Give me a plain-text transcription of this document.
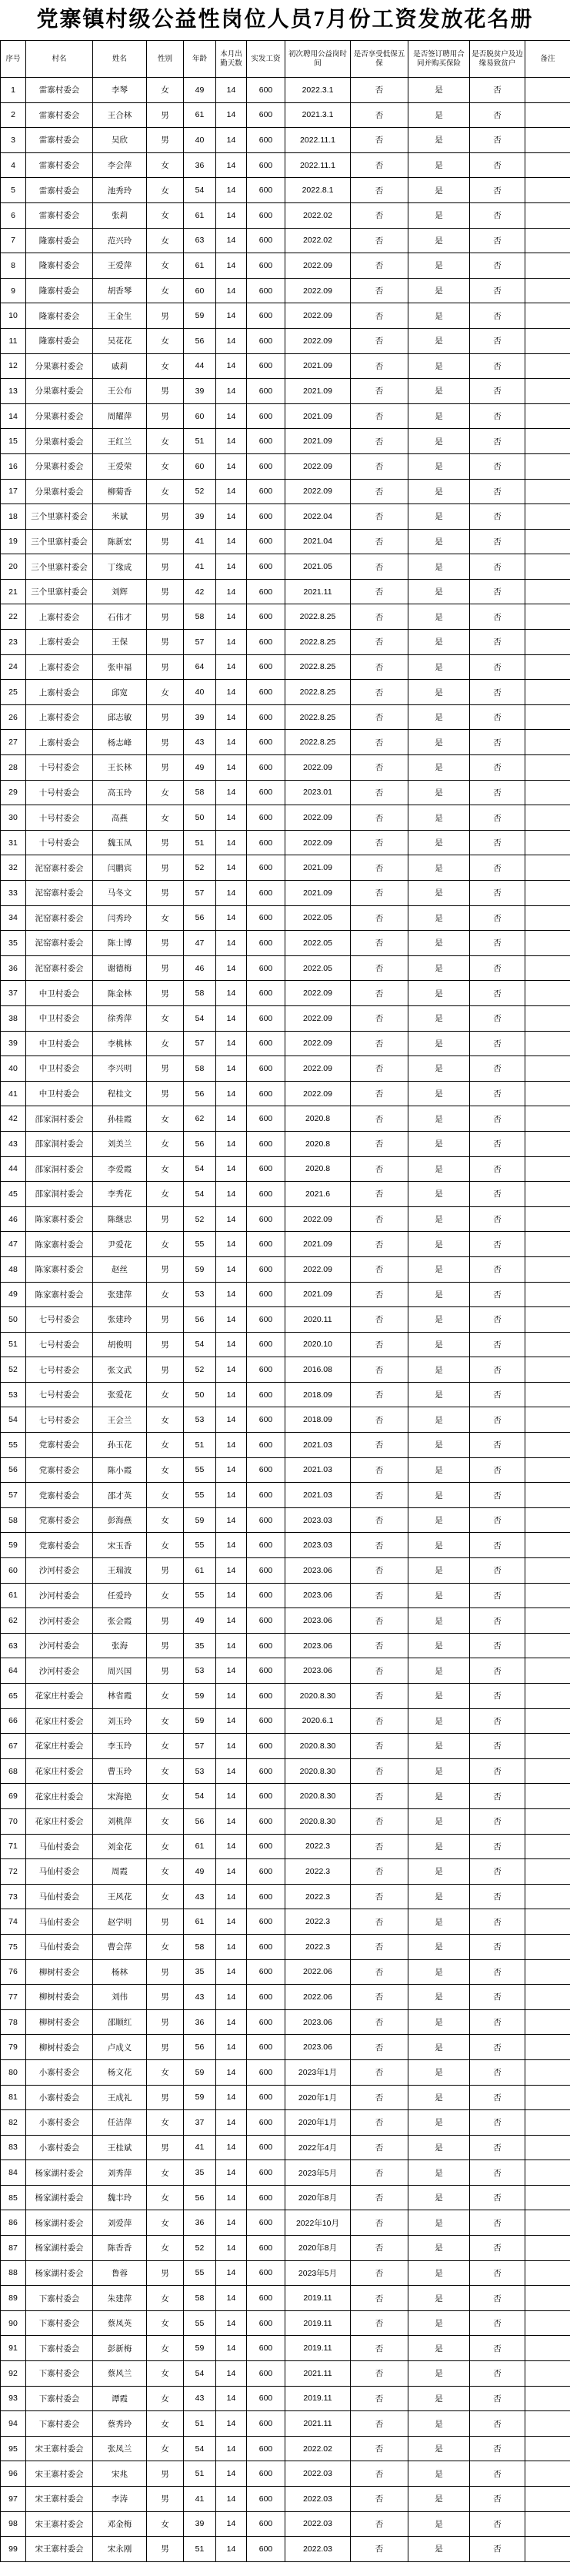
党寨镇村级公益性岗位人员7月份工资发放花名册
序号	村名	姓名	性别	年龄	本月出勤天数	实发工资	初次聘用公益岗时间	是否享受低保五保	是否签订聘用合同并购买保险	是否脱贫户及边缘易致贫户	备注
1	雷寨村委会	李琴	女	49	14	600	2022.3.1	否	是	否	
2	雷寨村委会	王合林	男	61	14	600	2021.3.1	否	是	否	
3	雷寨村委会	吴欣	男	40	14	600	2022.11.1	否	是	否	
4	雷寨村委会	李会萍	女	36	14	600	2022.11.1	否	是	否	
5	雷寨村委会	池秀玲	女	54	14	600	2022.8.1	否	是	否	
6	雷寨村委会	张莉	女	61	14	600	2022.02	否	是	否	
7	隆寨村委会	范兴玲	女	63	14	600	2022.02	否	是	否	
8	隆寨村委会	王爱萍	女	61	14	600	2022.09	否	是	否	
9	隆寨村委会	胡香琴	女	60	14	600	2022.09	否	是	否	
10	隆寨村委会	王金生	男	59	14	600	2022.09	否	是	否	
11	隆寨村委会	吴花花	女	56	14	600	2022.09	否	是	否	
12	分果寨村委会	戚莉	女	44	14	600	2021.09	否	是	否	
13	分果寨村委会	王公布	男	39	14	600	2021.09	否	是	否	
14	分果寨村委会	周耀萍	男	60	14	600	2021.09	否	是	否	
15	分果寨村委会	王红兰	女	51	14	600	2021.09	否	是	否	
16	分果寨村委会	王爱荣	女	60	14	600	2022.09	否	是	否	
17	分果寨村委会	柳菊香	女	52	14	600	2022.09	否	是	否	
18	三个里寨村委会	米斌	男	39	14	600	2022.04	否	是	否	
19	三个里寨村委会	陈新宏	男	41	14	600	2021.04	否	是	否	
20	三个里寨村委会	丁缘成	男	41	14	600	2021.05	否	是	否	
21	三个里寨村委会	刘辉	男	42	14	600	2021.11	否	是	否	
22	上寨村委会	石伟才	男	58	14	600	2022.8.25	否	是	否	
23	上寨村委会	王保	男	57	14	600	2022.8.25	否	是	否	
24	上寨村委会	张申福	男	64	14	600	2022.8.25	否	是	否	
25	上寨村委会	邱宽	女	40	14	600	2022.8.25	否	是	否	
26	上寨村委会	邱志敏	男	39	14	600	2022.8.25	否	是	否	
27	上寨村委会	杨志峰	男	43	14	600	2022.8.25	否	是	否	
28	十号村委会	王长林	男	49	14	600	2022.09	否	是	否	
29	十号村委会	高玉玲	女	58	14	600	2023.01	否	是	否	
30	十号村委会	高燕	女	50	14	600	2022.09	否	是	否	
31	十号村委会	魏玉凤	男	51	14	600	2022.09	否	是	否	
32	泥窑寨村委会	闫鹏宾	男	52	14	600	2021.09	否	是	否	
33	泥窑寨村委会	马冬文	男	57	14	600	2021.09	否	是	否	
34	泥窑寨村委会	闫秀玲	女	56	14	600	2022.05	否	是	否	
35	泥窑寨村委会	陈士博	男	47	14	600	2022.05	否	是	否	
36	泥窑寨村委会	谢德梅	男	46	14	600	2022.05	否	是	否	
37	中卫村委会	陈金林	男	58	14	600	2022.09	否	是	否	
38	中卫村委会	徐秀萍	女	54	14	600	2022.09	否	是	否	
39	中卫村委会	李桃林	女	57	14	600	2022.09	否	是	否	
40	中卫村委会	李兴明	男	58	14	600	2022.09	否	是	否	
41	中卫村委会	程桂文	男	56	14	600	2022.09	否	是	否	
42	邵家洞村委会	孙桂霞	女	62	14	600	2020.8	否	是	否	
43	邵家洞村委会	刘美兰	女	56	14	600	2020.8	否	是	否	
44	邵家洞村委会	李爱霞	女	54	14	600	2020.8	否	是	否	
45	邵家洞村委会	李秀花	女	54	14	600	2021.6	否	是	否	
46	陈家寨村委会	陈继忠	男	52	14	600	2022.09	否	是	否	
47	陈家寨村委会	尹爱花	女	55	14	600	2021.09	否	是	否	
48	陈家寨村委会	赵丝	男	59	14	600	2022.09	否	是	否	
49	陈家寨村委会	张建萍	女	53	14	600	2021.09	否	是	否	
50	七号村委会	张建玲	男	56	14	600	2020.11	否	是	否	
51	七号村委会	胡俊明	男	54	14	600	2020.10	否	是	否	
52	七号村委会	张文武	男	52	14	600	2016.08	否	是	否	
53	七号村委会	张爱花	女	50	14	600	2018.09	否	是	否	
54	七号村委会	王会兰	女	53	14	600	2018.09	否	是	否	
55	党寨村委会	孙玉花	女	51	14	600	2021.03	否	是	否	
56	党寨村委会	陈小霞	女	55	14	600	2021.03	否	是	否	
57	党寨村委会	邵才英	女	55	14	600	2021.03	否	是	否	
58	党寨村委会	彭海燕	女	59	14	600	2023.03	否	是	否	
59	党寨村委会	宋玉香	女	55	14	600	2023.03	否	是	否	
60	沙河村委会	王瑞波	男	61	14	600	2023.06	否	是	否	
61	沙河村委会	任爱玲	女	55	14	600	2023.06	否	是	否	
62	沙河村委会	张会霞	男	49	14	600	2023.06	否	是	否	
63	沙河村委会	张海	男	35	14	600	2023.06	否	是	否	
64	沙河村委会	周兴国	男	53	14	600	2023.06	否	是	否	
65	花家庄村委会	林省霞	女	59	14	600	2020.8.30	否	是	否	
66	花家庄村委会	刘玉玲	女	59	14	600	2020.6.1	否	是	否	
67	花家庄村委会	李玉玲	女	57	14	600	2020.8.30	否	是	否	
68	花家庄村委会	曹玉玲	女	53	14	600	2020.8.30	否	是	否	
69	花家庄村委会	宋海艳	女	54	14	600	2020.8.30	否	是	否	
70	花家庄村委会	刘桃萍	女	56	14	600	2020.8.30	否	是	否	
71	马仙村委会	刘金花	女	61	14	600	2022.3	否	是	否	
72	马仙村委会	周霞	女	49	14	600	2022.3	否	是	否	
73	马仙村委会	王风花	女	43	14	600	2022.3	否	是	否	
74	马仙村委会	赵学明	男	61	14	600	2022.3	否	是	否	
75	马仙村委会	曹会萍	女	58	14	600	2022.3	否	是	否	
76	柳树村委会	杨林	男	35	14	600	2022.06	否	是	否	
77	柳树村委会	刘伟	男	43	14	600	2022.06	否	是	否	
78	柳树村委会	邵顺红	男	36	14	600	2023.06	否	是	否	
79	柳树村委会	卢成义	男	56	14	600	2023.06	否	是	否	
80	小寨村委会	杨文花	女	59	14	600	2023年1月	否	是	否	
81	小寨村委会	王成礼	男	59	14	600	2020年1月	否	是	否	
82	小寨村委会	任洁萍	女	37	14	600	2020年1月	否	是	否	
83	小寨村委会	王桂斌	男	41	14	600	2022年4月	否	是	否	
84	杨家湖村委会	刘秀萍	女	35	14	600	2023年5月	否	是	否	
85	杨家湖村委会	魏丰玲	女	56	14	600	2020年8月	否	是	否	
86	杨家湖村委会	刘爱萍	女	36	14	600	2022年10月	否	是	否	
87	杨家湖村委会	陈香香	女	52	14	600	2020年8月	否	是	否	
88	杨家湖村委会	鲁蓉	男	55	14	600	2023年5月	否	是	否	
89	下寨村委会	朱建萍	女	58	14	600	2019.11	否	是	否	
90	下寨村委会	蔡凤英	女	55	14	600	2019.11	否	是	否	
91	下寨村委会	彭新梅	女	59	14	600	2019.11	否	是	否	
92	下寨村委会	蔡风兰	女	54	14	600	2021.11	否	是	否	
93	下寨村委会	谭霞	女	43	14	600	2019.11	否	是	否	
94	下寨村委会	蔡秀玲	女	51	14	600	2021.11	否	是	否	
95	宋王寨村委会	张凤兰	女	54	14	600	2022.02	否	是	否	
96	宋王寨村委会	宋兆	男	51	14	600	2022.03	否	是	否	
97	宋王寨村委会	李涛	男	41	14	600	2022.03	否	是	否	
98	宋王寨村委会	邓金梅	女	39	14	600	2022.03	否	是	否	
99	宋王寨村委会	宋永刚	男	51	14	600	2022.03	否	是	否	
